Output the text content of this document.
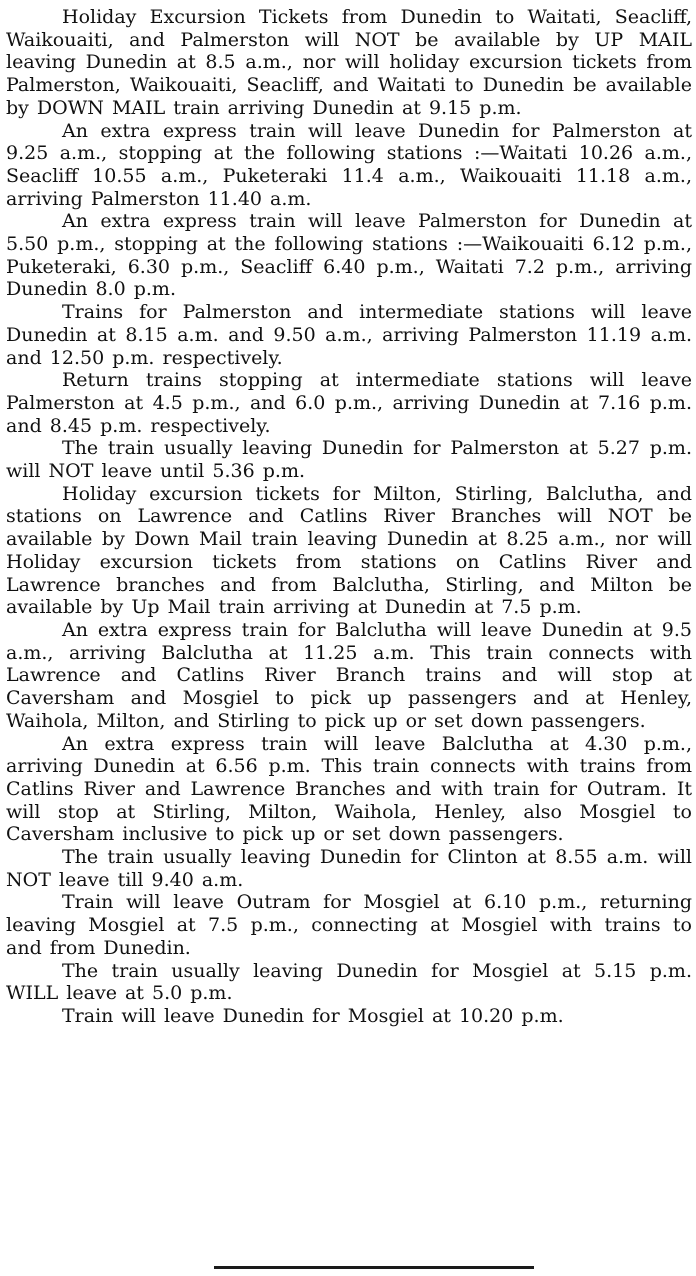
Holiday Excursion Tickets from Dunedin to Waitati, Seacliff, Waikouaiti, and Palmerston will NOT be available by UP MAIL leaving Dunedin at 8.5 a.m., nor will holiday excursion tickets from Palmerston, Waikouaiti, Seacliff, and Waitati to Dunedin be available by DOWN MAIL train arriving Dunedin at 9.15 p.m.

An extra express train will leave Dunedin for Palmerston at 9.25 a.m., stopping at the following stations :—Waitati 10.26 a.m., Seacliff 10.55 a.m., Puketeraki 11.4 a.m., Waikouaiti 11.18 a.m., arriving Palmerston 11.40 a.m.

An extra express train will leave Palmerston for Dunedin at 5.50 p.m., stopping at the following stations :—Waikouaiti 6.12 p.m., Puketeraki, 6.30 p.m., Seacliff 6.40 p.m., Waitati 7.2 p.m., arriving Dunedin 8.0 p.m.

Trains for Palmerston and intermediate stations will leave Dunedin at 8.15 a.m. and 9.50 a.m., arriving Palmerston 11.19 a.m. and 12.50 p.m. respectively.

Return trains stopping at intermediate stations will leave Palmerston at 4.5 p.m., and 6.0 p.m., arriving Dunedin at 7.16 p.m. and 8.45 p.m. respectively.

The train usually leaving Dunedin for Palmerston at 5.27 p.m. will NOT leave until 5.36 p.m.

Holiday excursion tickets for Milton, Stirling, Balclutha, and stations on Lawrence and Catlins River Branches will NOT be available by Down Mail train leaving Dunedin at 8.25 a.m., nor will Holiday excursion tickets from stations on Catlins River and Lawrence branches and from Balclutha, Stirling, and Milton be available by Up Mail train arriving at Dunedin at 7.5 p.m.

An extra express train for Balclutha will leave Dunedin at 9.5 a.m., arriving Balclutha at 11.25 a.m. This train connects with Lawrence and Catlins River Branch trains and will stop at Caversham and Mosgiel to pick up passengers and at Henley, Waihola, Milton, and Stirling to pick up or set down passengers.

An extra express train will leave Balclutha at 4.30 p.m., arriving Dunedin at 6.56 p.m. This train connects with trains from Catlins River and Lawrence Branches and with train for Outram. It will stop at Stirling, Milton, Waihola, Henley, also Mosgiel to Caversham inclusive to pick up or set down passengers.

The train usually leaving Dunedin for Clinton at 8.55 a.m. will NOT leave till 9.40 a.m.

Train will leave Outram for Mosgiel at 6.10 p.m., returning leaving Mosgiel at 7.5 p.m., connecting at Mosgiel with trains to and from Dunedin.

The train usually leaving Dunedin for Mosgiel at 5.15 p.m. WILL leave at 5.0 p.m.

Train will leave Dunedin for Mosgiel at 10.20 p.m.
